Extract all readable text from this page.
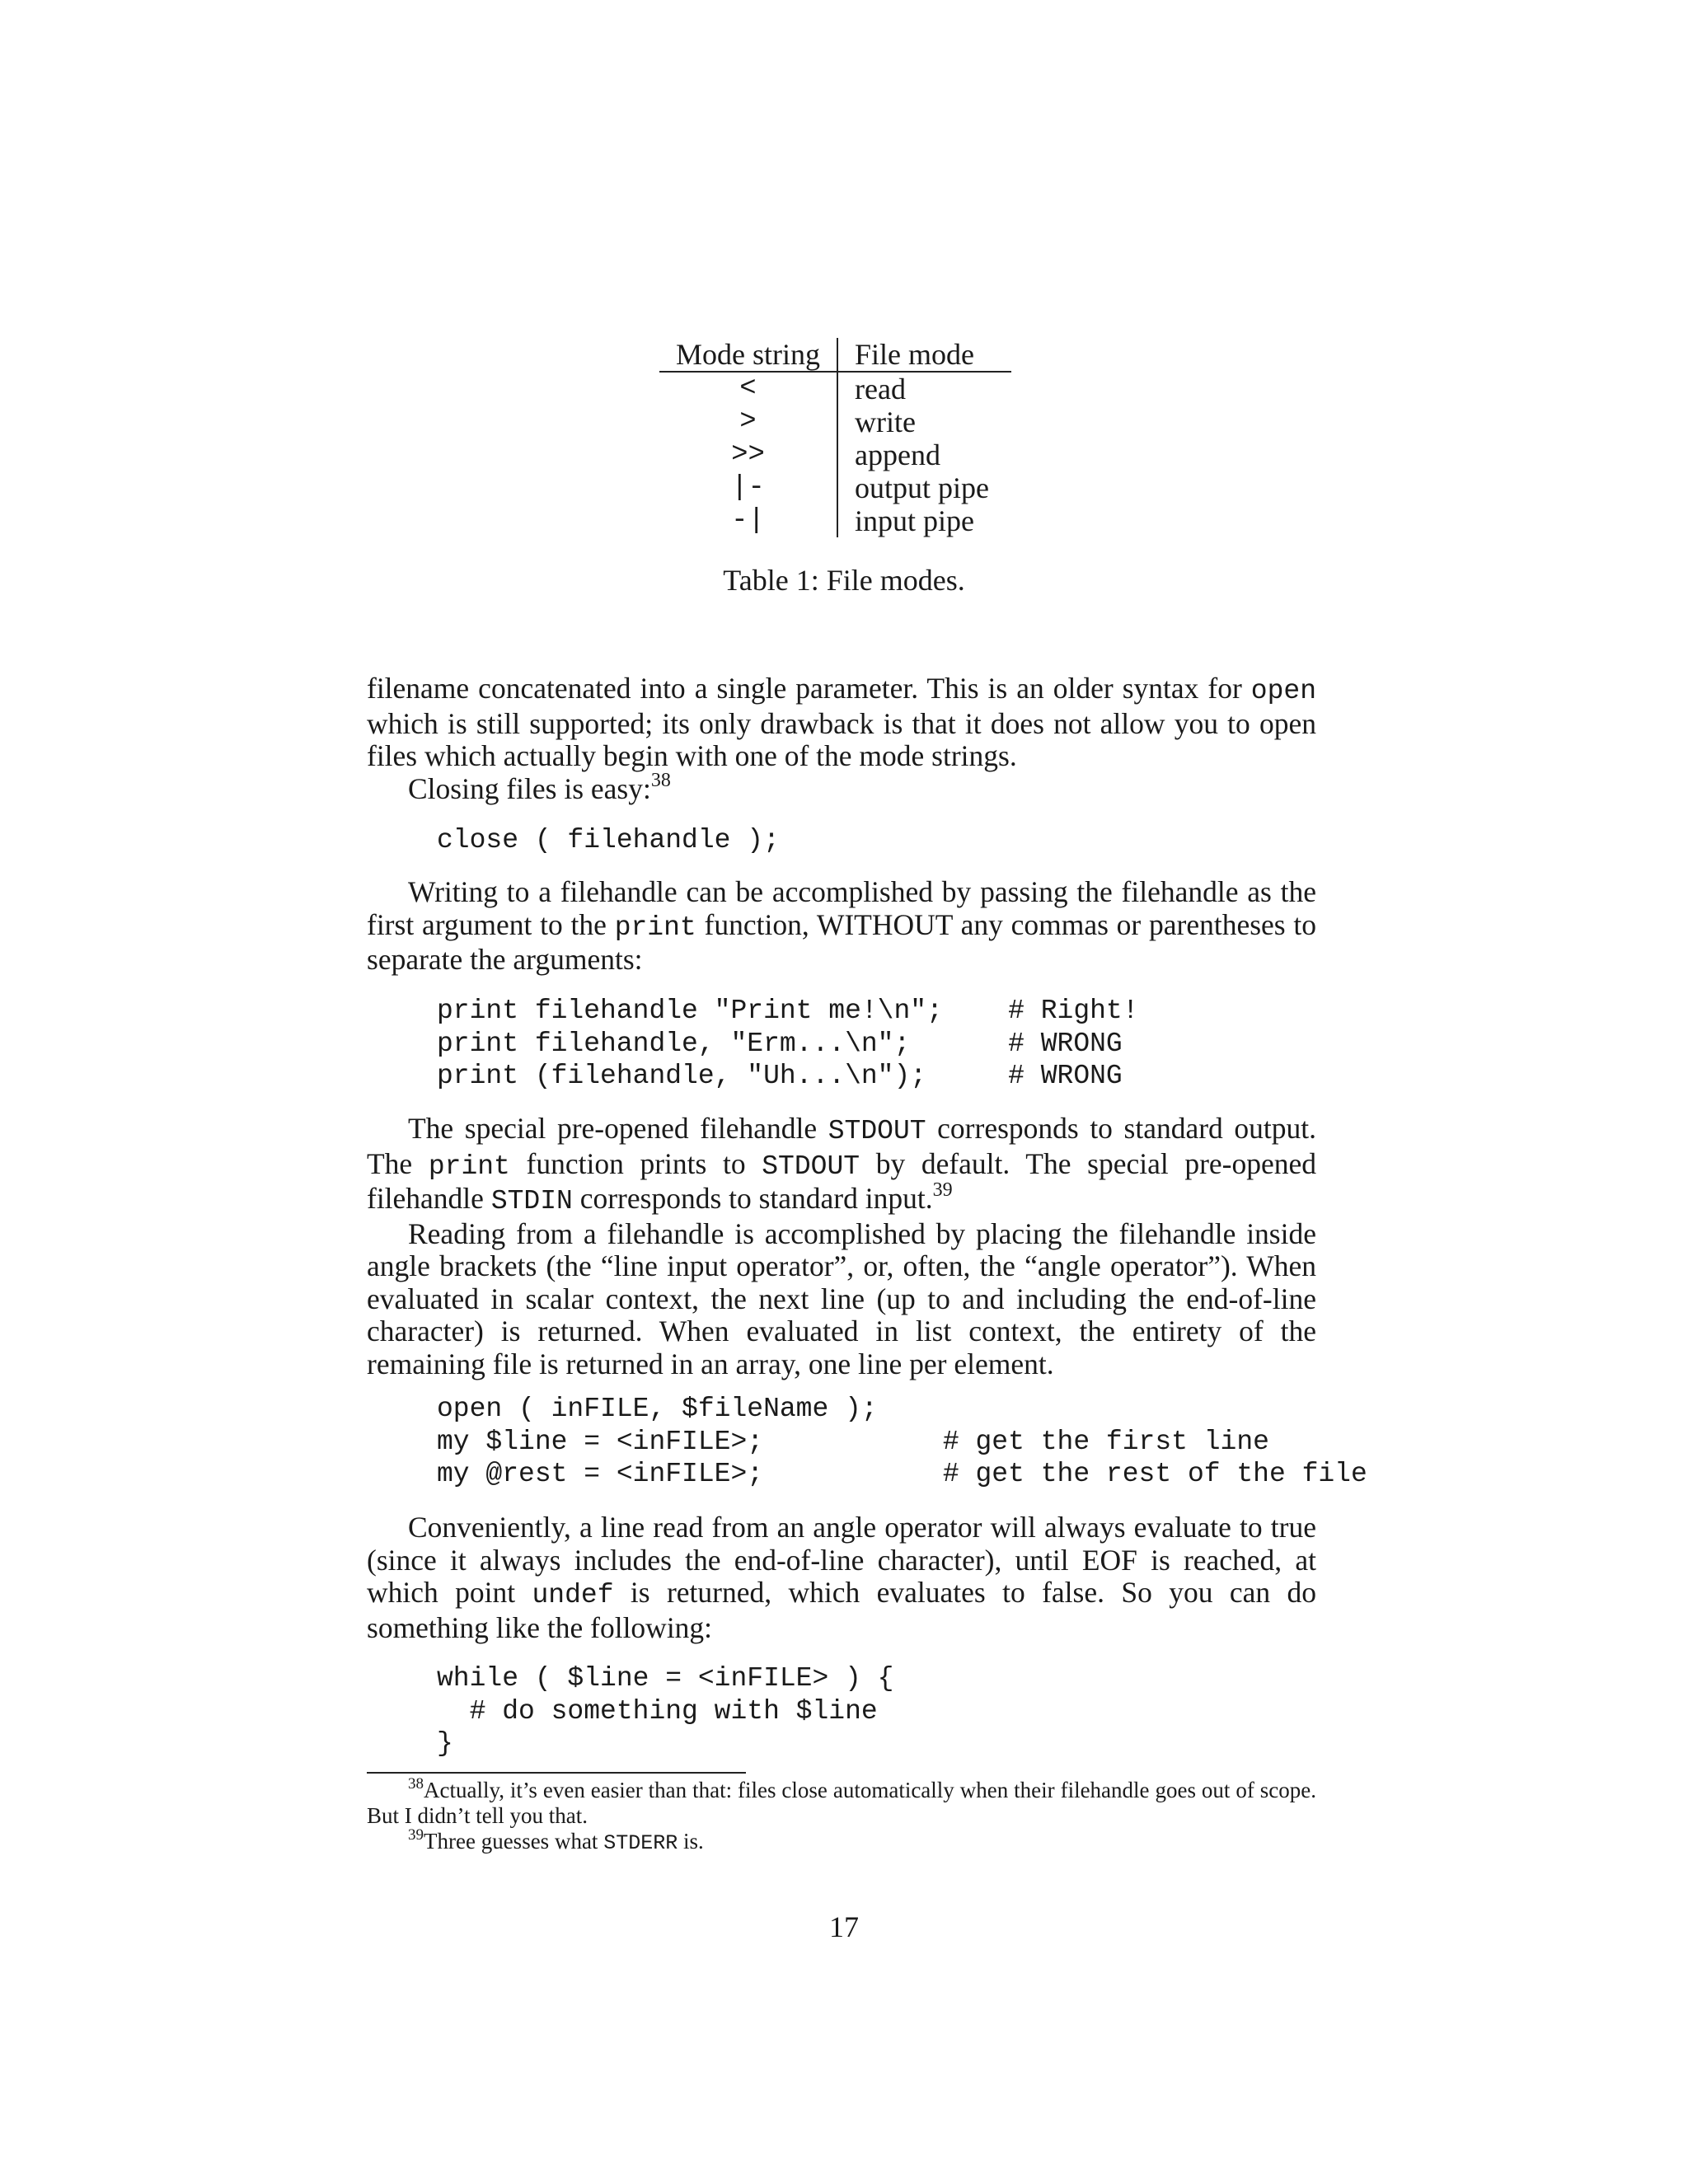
Mode string	File mode
<	read
>	write
>>	append
|-	output pipe
-|	input pipe
Table 1: File modes.

filename concatenated into a single parameter. This is an older syntax for open which is still supported; its only drawback is that it does not allow you to open files which actually begin with one of the mode strings.

Closing files is easy:$^{38}$

close ( filehandle );

Writing to a filehandle can be accomplished by passing the filehandle as the first argument to the print function, WITHOUT any commas or parentheses to separate the arguments:

print filehandle "Print me!\n";    # Right!
print filehandle, "Erm...\n";      # WRONG
print (filehandle, "Uh...\n");     # WRONG

The special pre-opened filehandle STDOUT corresponds to standard output. The print function prints to STDOUT by default. The special pre-opened filehandle STDIN corresponds to standard input.$^{39}$

Reading from a filehandle is accomplished by placing the filehandle inside angle brackets (the “line input operator”, or, often, the “angle operator”). When evaluated in scalar context, the next line (up to and including the end-of-line character) is returned. When evaluated in list context, the entirety of the remaining file is returned in an array, one line per element.

open ( inFILE, $fileName );
my $line = <inFILE>;           # get the first line
my @rest = <inFILE>;           # get the rest of the file

Conveniently, a line read from an angle operator will always evaluate to true (since it always includes the end-of-line character), until EOF is reached, at which point undef is returned, which evaluates to false. So you can do something like the following:

while ( $line = <inFILE> ) {
# do something with $line
}
$^{38}$Actually, it’s even easier than that: files close automatically when their filehandle goes out of scope. But I didn’t tell you that.
$^{39}$Three guesses what STDERR is.
17
